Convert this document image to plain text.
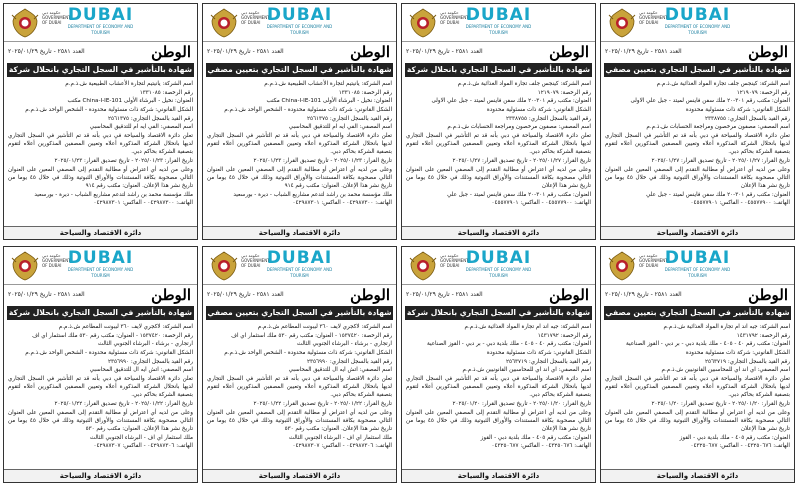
حكومة دبي
GOVERNMENT OF DUBAI DUBAI
DEPARTMENT OF ECONOMY AND TOURISM
الوطن
العدد ٢٥٨١ - تاريخ ٢٠٢٥/٠١/٢٩
شهادة بالتأشير في السجل التجاري بتعيين مصفي

اسم الشركة: كينجس جلف تجارة المواد الغذائية ش.ذ.م.م

رقم الرخصة: ١٢١٩٠٧٩

العنوان: مكتب رقم ٣٠١-٢٠ ملك سفن فاينس لميتد - جبل علي الاولى

الشكل القانوني: شركة ذات مسئولية محدودة

رقم القيد بالسجل التجاري: ٢٣٣٨٧٥٥

اسم المصفي: مصفون مرخصون ومراجعة الحسابات ش.ذ.م.م

تعلن دائرة الاقتصاد والسياحة في دبي بأنه قد تم التأشير في السجل التجاري لديها بانحلال الشركة المذكورة أعلاه وتعيين المصفين المذكورين أعلاه لتقوم بتصفية الشركة بحاكم دبي.

تاريخ القرار: ٢٠٢٥/٠١/٢٧ - تاريخ تصديق القرار: ٢٠٢٥/٠١/٢٧

وعلى من لديه أي اعتراض أو مطالبة التقدم إلى المصفي المعين على العنوان التالي مصحوبة بكافة المستندات والأوراق الثبوتية وذلك في خلال ٤٥ يوما من تاريخ نشر هذا الإعلان

العنوان: مكتب رقم ٣٠١-٢٠ ملك سفن فاينس لميتد - جبل علي

الهاتف: ٠٤٥٥٧٧٩٠٠ - الفاكس: ٠٤٥٥٧٧٩٠١

دائرة الاقتصاد والسياحة
حكومة دبي
GOVERNMENT OF DUBAI DUBAI
DEPARTMENT OF ECONOMY AND TOURISM
الوطن
العدد ٢٥٨١ - تاريخ ٢٠٢٥/٠١/٢٩
شهادة بالتأشير في السجل التجاري بانحلال شركة

اسم الشركة: كينجس جلف تجارة المواد الغذائية ش.ذ.م.م

رقم الرخصة: ١٢١٩٠٧٩

العنوان: مكتب رقم ٣٠١-٢٠ ملك سفن فاينس لميتد - جبل علي الاولى

الشكل القانوني: شركة ذات مسئولية محدودة

رقم القيد بالسجل التجاري: ٢٣٣٨٧٥٥

اسم المصفي: مصفون مرخصون ومراجعة الحسابات ش.ذ.م.م

تعلن دائرة الاقتصاد والسياحة في دبي بأنه قد تم التأشير في السجل التجاري لديها بانحلال الشركة المذكورة أعلاه وتعيين المصفين المذكورين أعلاه لتقوم بتصفية الشركة بحاكم دبي.

تاريخ القرار: ٢٠٢٥/٠١/٢٧ - تاريخ تصديق القرار: ٢٠٢٥/٠١/٢٧

وعلى من لديه أي اعتراض أو مطالبة التقدم إلى المصفي المعين على العنوان التالي مصحوبة بكافة المستندات والأوراق الثبوتية وذلك في خلال ٤٥ يوما من تاريخ نشر هذا الإعلان

العنوان: مكتب رقم ٣٠١-٢٠ ملك سفن فاينس لميتد - جبل علي

الهاتف: ٠٤٥٥٧٧٩٠٠ - الفاكس: ٠٤٥٥٧٧٩٠١

دائرة الاقتصاد والسياحة
حكومة دبي
GOVERNMENT OF DUBAI DUBAI
DEPARTMENT OF ECONOMY AND TOURISM
الوطن
العدد ٢٥٨١ - تاريخ ٢٠٢٥/٠١/٢٩
شهادة بالتأشير في السجل التجاري بتعيين مصفي

اسم الشركة: يانيتيم لتجارة الأعشاب الطبيعية ش.ذ.م.م

رقم الرخصة: ١٣٣١٠٨٥

العنوان: نخيل - البرشاء الأولى China-I-IE-101 مكتب

الشكل القانوني: شركة ذات مسئولية محدودة - الشخص الواحد ش.ذ.م.م

رقم القيد بالسجل التجاري: ٢٥٦١٣٧٥

اسم المصفي: الفي ايه ام للتدقيق المحاسبي

تعلن دائرة الاقتصاد والسياحة في دبي بأنه قد تم التأشير في السجل التجاري لديها بانحلال الشركة المذكورة أعلاه وتعيين المصفين المذكورين أعلاه لتقوم بتصفية الشركة بحاكم دبي.

تاريخ القرار: ٢٠٢٥/٠١/٢٣ - تاريخ تصديق القرار: ٢٠٢٥/٠١/٢٣

وعلى من لديه أي اعتراض أو مطالبة التقدم إلى المصفي المعين على العنوان التالي مصحوبة بكافة المستندات والأوراق الثبوتية وذلك في خلال ٤٥ يوما من تاريخ نشر هذا الإعلان. العنوان: مكتب رقم ٩١٤

ملك مؤسسة محمد بن راشد لتدعم مشاريع الشباب - ديرة - بورسعيد

الهاتف: ٠٤٢٩٨٧٣٠٠ - الفاكس: ٠٤٢٩٨٧٣٠١

دائرة الاقتصاد والسياحة
حكومة دبي
GOVERNMENT OF DUBAI DUBAI
DEPARTMENT OF ECONOMY AND TOURISM
الوطن
العدد ٢٥٨١ - تاريخ ٢٠٢٥/٠١/٢٩
شهادة بالتأشير في السجل التجاري بانحلال شركة

اسم الشركة: يانيتيم لتجارة الأعشاب الطبيعية ش.ذ.م.م

رقم الرخصة: ١٣٣١٠٨٥

العنوان: نخيل - البرشاء الأولى China-I-IE-101 مكتب

الشكل القانوني: شركة ذات مسئولية محدودة - الشخص الواحد ش.ذ.م.م

رقم القيد بالسجل التجاري: ٢٥٦١٣٧٥

اسم المصفي: الفي ايه ام للتدقيق المحاسبي

تعلن دائرة الاقتصاد والسياحة في دبي بأنه قد تم التأشير في السجل التجاري لديها بانحلال الشركة المذكورة أعلاه وتعيين المصفين المذكورين أعلاه لتقوم بتصفية الشركة بحاكم دبي.

تاريخ القرار: ٢٠٢٥/٠١/٢٣ - تاريخ تصديق القرار: ٢٠٢٥/٠١/٢٣

وعلى من لديه أي اعتراض أو مطالبة التقدم إلى المصفي المعين على العنوان التالي مصحوبة بكافة المستندات والأوراق الثبوتية وذلك في خلال ٤٥ يوما من تاريخ نشر هذا الإعلان. العنوان: مكتب رقم ٩١٤

ملك مؤسسة محمد بن راشد لتدعم مشاريع الشباب - ديرة - بورسعيد

الهاتف: ٠٤٢٩٨٧٣٠٠ - الفاكس: ٠٤٢٩٨٧٣٠١

دائرة الاقتصاد والسياحة
حكومة دبي
GOVERNMENT OF DUBAI DUBAI
DEPARTMENT OF ECONOMY AND TOURISM
الوطن
العدد ٢٥٨١ - تاريخ ٢٠٢٥/٠١/٢٩
شهادة بالتأشير في السجل التجاري بتعيين مصفي

اسم الشركة: جيه اند ام تجارة المواد الغذائية ش.ذ.م.م

رقم الرخصة: ١٤٣١٧٩٢

العنوان: مكتب رقم ٤٠ - ٤٠٥ - ملك بلدية دبي - بر دبي - القوز الصناعية

الشكل القانوني: شركة ذات مسئولية محدودة

رقم القيد بالسجل التجاري: ٢٥٦٣٧١٩

اسم المصفي: اي اند اي للمحاسبين القانونيين ش.ذ.م.م

تعلن دائرة الاقتصاد والسياحة في دبي بأنه قد تم التأشير في السجل التجاري لديها بانحلال الشركة المذكورة أعلاه وتعيين المصفين المذكورين أعلاه لتقوم بتصفية الشركة بحاكم دبي.

تاريخ القرار: ٢٠٢٥/٠١/٢٠ - تاريخ تصديق القرار: ٢٠٢٥/٠١/٢٠

وعلى من لديه أي اعتراض أو مطالبة التقدم إلى المصفي المعين على العنوان التالي مصحوبة بكافة المستندات والأوراق الثبوتية وذلك في خلال ٤٥ يوما من تاريخ نشر هذا الإعلان

العنوان: مكتب رقم ٤٠٥ - ملك بلدية دبي - القوز

الهاتف: ٠٤٣٢٥٠٦٧٦ - الفاكس: ٠٤٣٢٥٠٦٧٧

دائرة الاقتصاد والسياحة
حكومة دبي
GOVERNMENT OF DUBAI DUBAI
DEPARTMENT OF ECONOMY AND TOURISM
الوطن
العدد ٢٥٨١ - تاريخ ٢٠٢٥/٠١/٢٩
شهادة بالتأشير في السجل التجاري بانحلال شركة

اسم الشركة: جيه اند ام تجارة المواد الغذائية ش.ذ.م.م

رقم الرخصة: ١٤٣١٧٩٢

العنوان: مكتب رقم ٤٠ - ٤٠٥ - ملك بلدية دبي - بر دبي - القوز الصناعية

الشكل القانوني: شركة ذات مسئولية محدودة

رقم القيد بالسجل التجاري: ٢٥٦٣٧١٩

اسم المصفي: اي اند اي للمحاسبين القانونيين ش.ذ.م.م

تعلن دائرة الاقتصاد والسياحة في دبي بأنه قد تم التأشير في السجل التجاري لديها بانحلال الشركة المذكورة أعلاه وتعيين المصفين المذكورين أعلاه لتقوم بتصفية الشركة بحاكم دبي.

تاريخ القرار: ٢٠٢٥/٠١/٢٠ - تاريخ تصديق القرار: ٢٠٢٥/٠١/٢٠

وعلى من لديه أي اعتراض أو مطالبة التقدم إلى المصفي المعين على العنوان التالي مصحوبة بكافة المستندات والأوراق الثبوتية وذلك في خلال ٤٥ يوما من تاريخ نشر هذا الإعلان

العنوان: مكتب رقم ٤٠٥ - ملك بلدية دبي - القوز

الهاتف: ٠٤٣٢٥٠٦٧٦ - الفاكس: ٠٤٣٢٥٠٦٧٧

دائرة الاقتصاد والسياحة
حكومة دبي
GOVERNMENT OF DUBAI DUBAI
DEPARTMENT OF ECONOMY AND TOURISM
الوطن
العدد ٢٥٨١ - تاريخ ٢٠٢٥/٠١/٢٩
شهادة بالتأشير في السجل التجاري بتعيين مصفي

اسم الشركة: لاكجري لايف ٣٦٠ ليبونت المطاعم ش.ذ.م.م

رقم الرخصة: ١٥٣٧٤٢٠ - العنوان: مكتب رقم ٥٣٠ ملك استثمار اي اف

ارتجاري - برشاء - البرشاء الجنوبي الثالث

الشكل القانوني: شركة ذات مسئولية محدودة - الشخص الواحد ش.ذ.م.م

رقم القيد بالسجل التجاري: ٢٣٥٦٩٩٠

اسم المصفي: اتش ايه ال للتدقيق المحاسبي

تعلن دائرة الاقتصاد والسياحة في دبي بأنه قد تم التأشير في السجل التجاري لديها بانحلال الشركة المذكورة أعلاه وتعيين المصفين المذكورين أعلاه لتقوم بتصفية الشركة بحاكم دبي.

تاريخ القرار: ٢٠٢٥/٠١/٢٢ - تاريخ تصديق القرار: ٢٠٢٥/٠١/٢٢

وعلى من لديه أي اعتراض أو مطالبة التقدم إلى المصفي المعين على العنوان التالي مصحوبة بكافة المستندات والأوراق الثبوتية وذلك في خلال ٤٥ يوما من تاريخ نشر هذا الإعلان. العنوان: مكتب رقم ٥٣٠

ملك استثمار اي اف - البرشاء الجنوبي الثالث

الهاتف: ٠٤٢٩٨٧٣٠٦ - الفاكس: ٠٤٢٩٨٧٣٠٧

دائرة الاقتصاد والسياحة
حكومة دبي
GOVERNMENT OF DUBAI DUBAI
DEPARTMENT OF ECONOMY AND TOURISM
الوطن
العدد ٢٥٨١ - تاريخ ٢٠٢٥/٠١/٢٩
شهادة بالتأشير في السجل التجاري بانحلال شركة

اسم الشركة: لاكجري لايف ٣٦٠ ليبونت المطاعم ش.ذ.م.م

رقم الرخصة: ١٥٣٧٤٢٠ - العنوان: مكتب رقم ٥٣٠ ملك استثمار اي اف

ارتجاري - برشاء - البرشاء الجنوبي الثالث

الشكل القانوني: شركة ذات مسئولية محدودة - الشخص الواحد ش.ذ.م.م

رقم القيد بالسجل التجاري: ٢٣٥٦٩٩٠

اسم المصفي: اتش ايه ال للتدقيق المحاسبي

تعلن دائرة الاقتصاد والسياحة في دبي بأنه قد تم التأشير في السجل التجاري لديها بانحلال الشركة المذكورة أعلاه وتعيين المصفين المذكورين أعلاه لتقوم بتصفية الشركة بحاكم دبي.

تاريخ القرار: ٢٠٢٥/٠١/٢٢ - تاريخ تصديق القرار: ٢٠٢٥/٠١/٢٢

وعلى من لديه أي اعتراض أو مطالبة التقدم إلى المصفي المعين على العنوان التالي مصحوبة بكافة المستندات والأوراق الثبوتية وذلك في خلال ٤٥ يوما من تاريخ نشر هذا الإعلان. العنوان: مكتب رقم ٥٣٠

ملك استثمار اي اف - البرشاء الجنوبي الثالث

الهاتف: ٠٤٢٩٨٧٣٠٦ - الفاكس: ٠٤٢٩٨٧٣٠٧

دائرة الاقتصاد والسياحة
